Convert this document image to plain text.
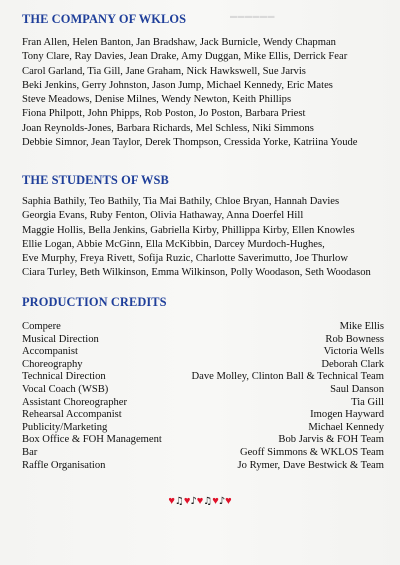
▬▬▬▬▬▬
THE COMPANY OF WKLOS
Fran Allen, Helen Banton, Jan Bradshaw, Jack Burnicle, Wendy Chapman
Tony Clare, Ray Davies, Jean Drake, Amy Duggan, Mike Ellis, Derrick Fear
Carol Garland, Tia Gill, Jane Graham, Nick Hawkswell, Sue Jarvis
Beki Jenkins, Gerry Johnston, Jason Jump, Michael Kennedy, Eric Mates
Steve Meadows, Denise Milnes, Wendy Newton, Keith Phillips
Fiona Philpott, John Phipps, Rob Poston, Jo Poston, Barbara Priest
Joan Reynolds-Jones, Barbara Richards, Mel Schless, Niki Simmons
Debbie Simnor, Jean Taylor, Derek Thompson, Cressida Yorke, Katriina Youde
THE STUDENTS OF WSB
Saphia Bathily, Teo Bathily, Tia Mai Bathily, Chloe Bryan, Hannah Davies
Georgia Evans, Ruby Fenton, Olivia Hathaway, Anna Doerfel Hill
Maggie Hollis, Bella Jenkins, Gabriella Kirby, Phillippa Kirby, Ellen Knowles
Ellie Logan, Abbie McGinn, Ella McKibbin, Darcey Murdoch-Hughes,
Eve Murphy, Freya Rivett, Sofija Ruzic, Charlotte Saverimutto, Joe Thurlow
Ciara Turley, Beth Wilkinson, Emma Wilkinson, Polly Woodason, Seth Woodason
PRODUCTION CREDITS
Compere	Mike Ellis
Musical Direction	Rob Bowness
Accompanist	Victoria Wells
Choreography	Deborah Clark
Technical Direction	Dave Molley, Clinton Ball & Technical Team
Vocal Coach (WSB)	Saul Danson
Assistant Choreographer	Tia Gill
Rehearsal Accompanist	Imogen Hayward
Publicity/Marketing	Michael Kennedy
Box Office & FOH Management	Bob Jarvis & FOH Team
Bar	Geoff Simmons & WKLOS Team
Raffle Organisation	Jo Rymer, Dave Bestwick & Team
♥♫♥♪♥♫♥♪♥
